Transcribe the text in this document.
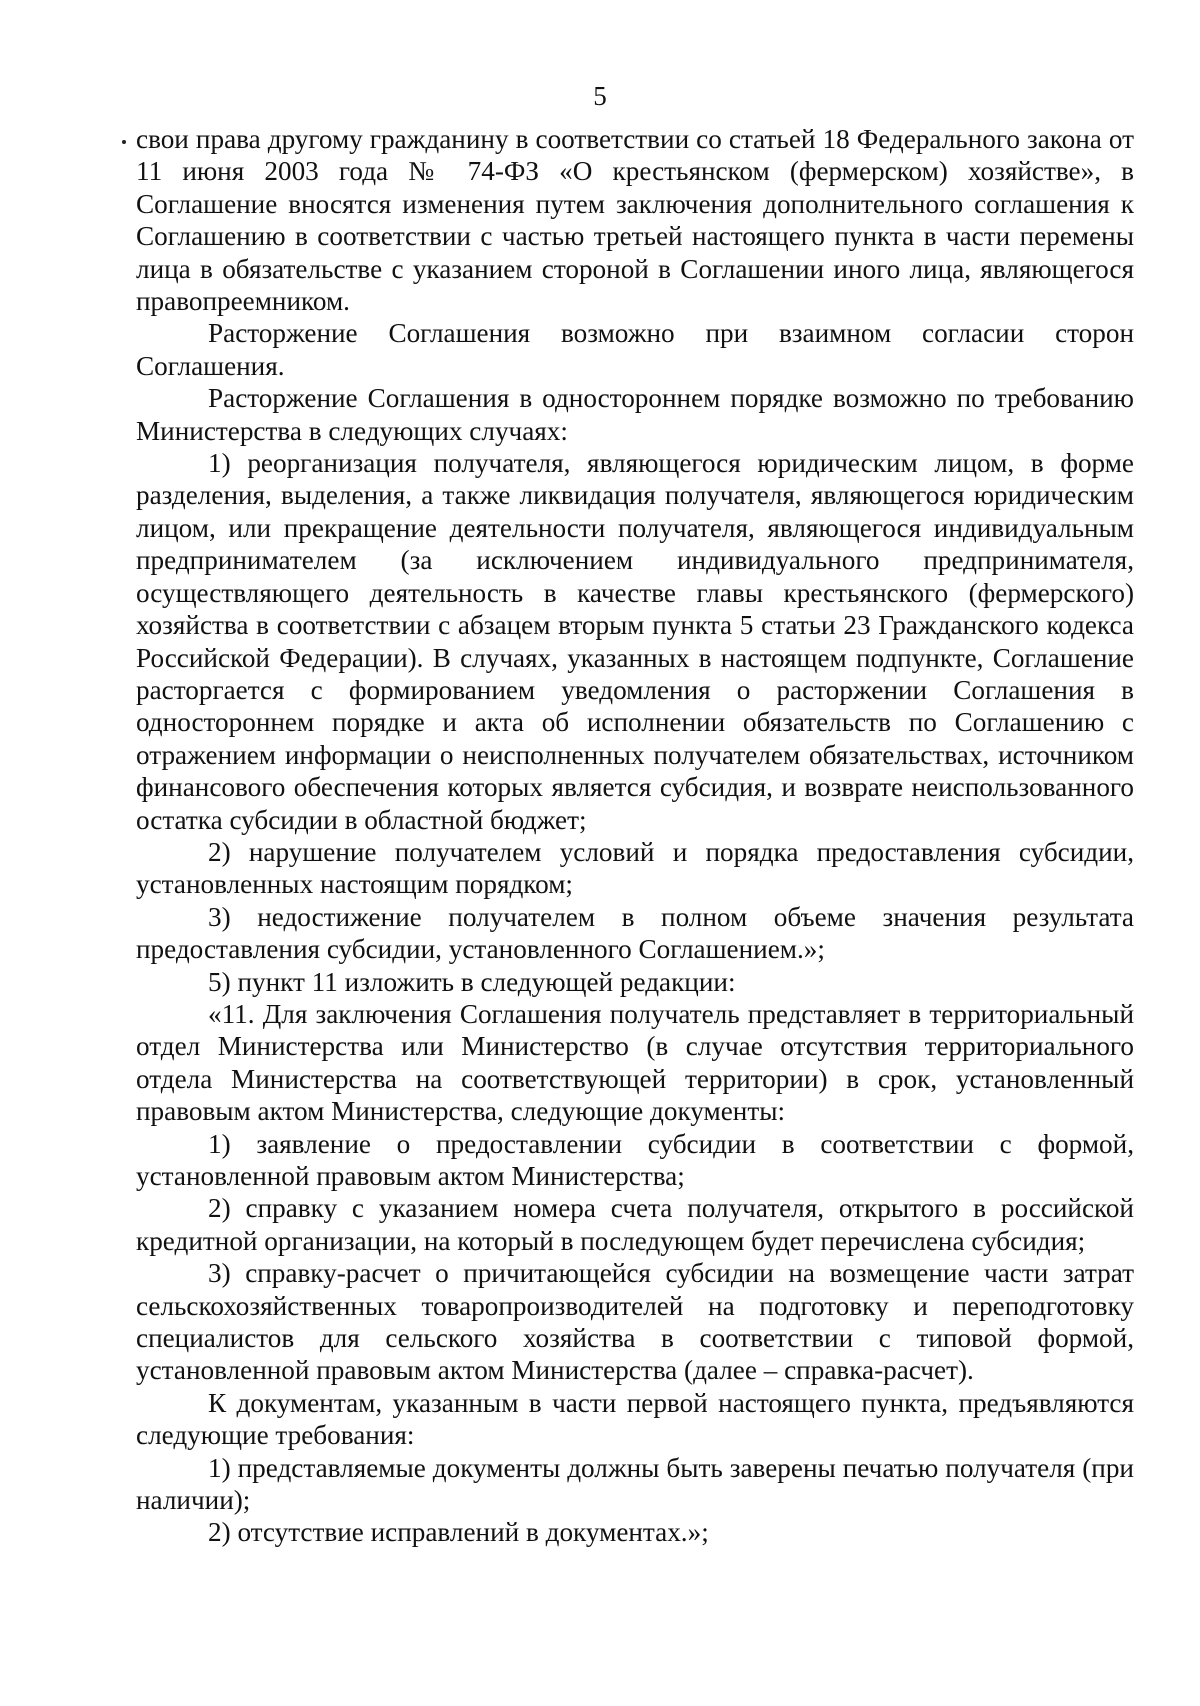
5

свои права другому гражданину в соответствии со статьей 18 Федерального закона от 11 июня 2003 года № 74-ФЗ «О крестьянском (фермерском) хозяйстве», в Соглашение вносятся изменения путем заключения дополнительного соглашения к Соглашению в соответствии с частью третьей настоящего пункта в части перемены лица в обязательстве с указанием стороной в Соглашении иного лица, являющегося правопреемником.

Расторжение Соглашения возможно при взаимном согласии сторон Соглашения.

Расторжение Соглашения в одностороннем порядке возможно по требованию Министерства в следующих случаях:

1) реорганизация получателя, являющегося юридическим лицом, в форме разделения, выделения, а также ликвидация получателя, являющегося юридическим лицом, или прекращение деятельности получателя, являющегося индивидуальным предпринимателем (за исключением индивидуального предпринимателя, осуществляющего деятельность в качестве главы крестьянского (фермерского) хозяйства в соответствии с абзацем вторым пункта 5 статьи 23 Гражданского кодекса Российской Федерации). В случаях, указанных в настоящем подпункте, Соглашение расторгается с формированием уведомления о расторжении Соглашения в одностороннем порядке и акта об исполнении обязательств по Соглашению с отражением информации о неисполненных получателем обязательствах, источником финансового обеспечения которых является субсидия, и возврате неиспользованного остатка субсидии в областной бюджет;

2) нарушение получателем условий и порядка предоставления субсидии, установленных настоящим порядком;

3) недостижение получателем в полном объеме значения результата предоставления субсидии, установленного Соглашением.»;

5) пункт 11 изложить в следующей редакции:

«11. Для заключения Соглашения получатель представляет в территориальный отдел Министерства или Министерство (в случае отсутствия территориального отдела Министерства на соответствующей территории) в срок, установленный правовым актом Министерства, следующие документы:

1) заявление о предоставлении субсидии в соответствии с формой, установленной правовым актом Министерства;

2) справку с указанием номера счета получателя, открытого в российской кредитной организации, на который в последующем будет перечислена субсидия;

3) справку-расчет о причитающейся субсидии на возмещение части затрат сельскохозяйственных товаропроизводителей на подготовку и переподготовку специалистов для сельского хозяйства в соответствии с типовой формой, установленной правовым актом Министерства (далее – справка-расчет).

К документам, указанным в части первой настоящего пункта, предъявляются следующие требования:

1) представляемые документы должны быть заверены печатью получателя (при наличии);

2) отсутствие исправлений в документах.»;
